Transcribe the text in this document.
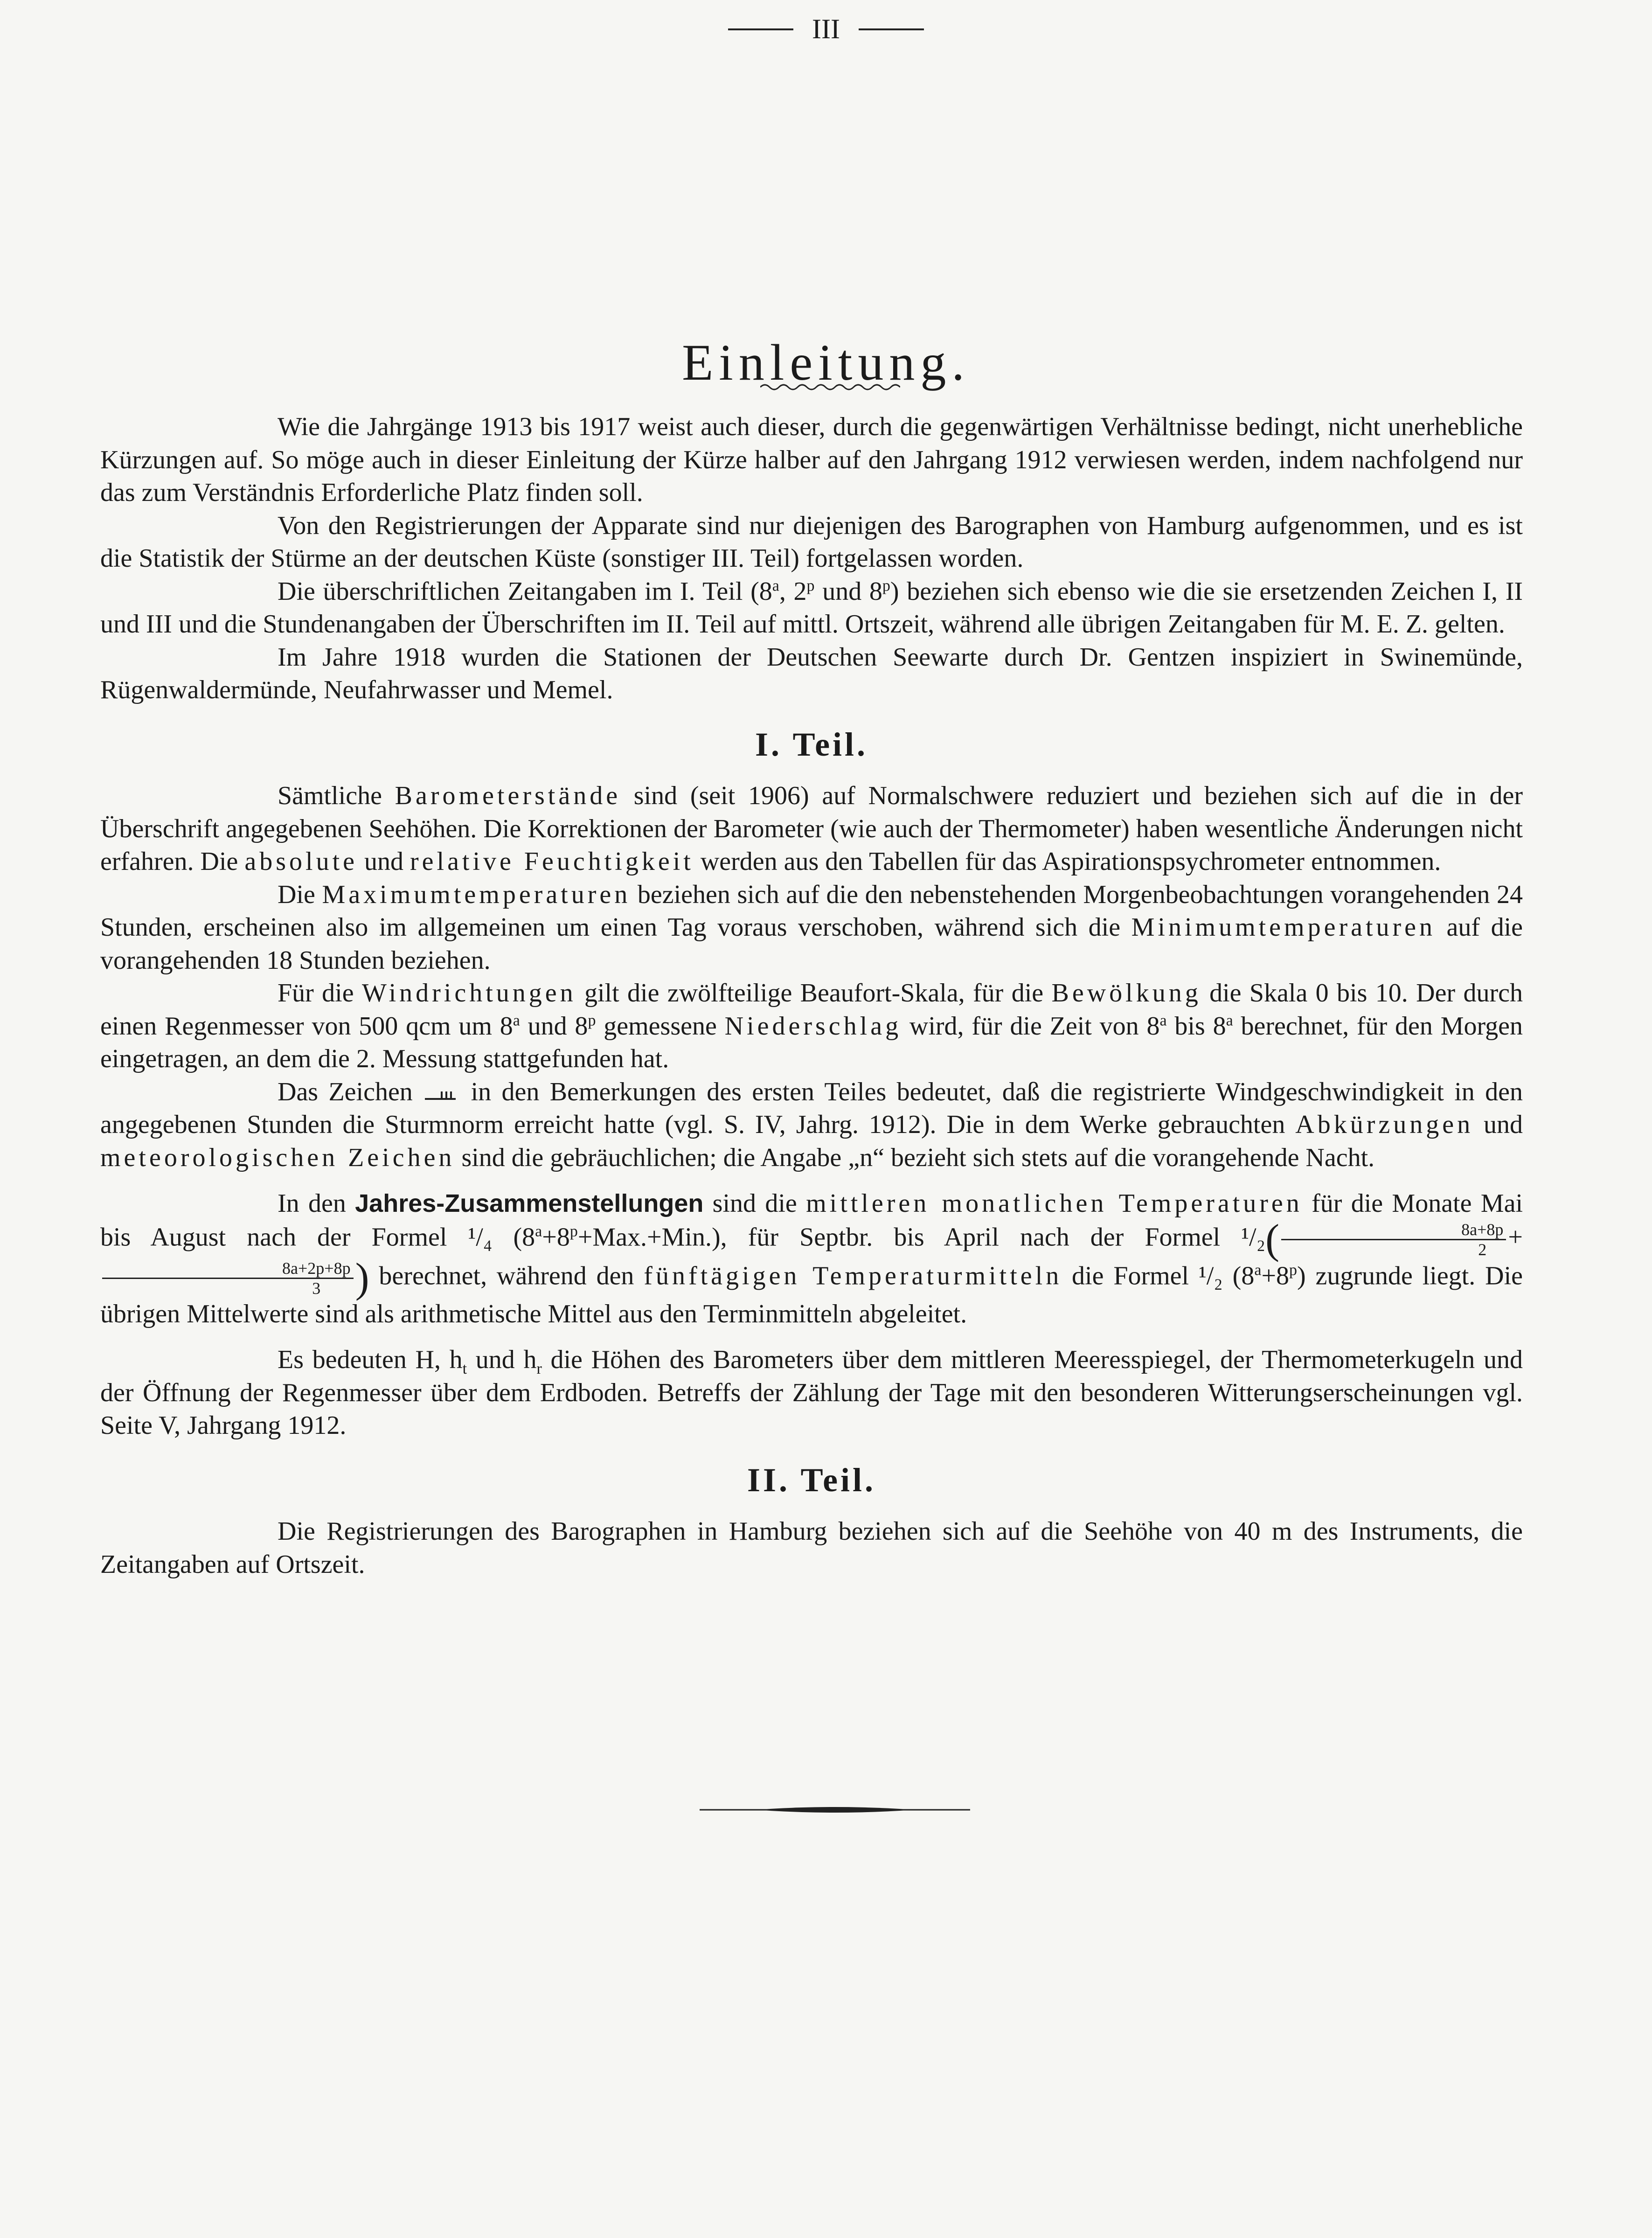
III
Einleitung.

Wie die Jahrgänge 1913 bis 1917 weist auch dieser, durch die gegenwärtigen Verhältnisse bedingt, nicht unerhebliche Kürzungen auf. So möge auch in dieser Einleitung der Kürze halber auf den Jahrgang 1912 verwiesen werden, indem nachfolgend nur das zum Verständnis Erforderliche Platz finden soll.

Von den Registrierungen der Apparate sind nur diejenigen des Barographen von Hamburg aufgenommen, und es ist die Statistik der Stürme an der deutschen Küste (sonstiger III. Teil) fortgelassen worden.

Die überschriftlichen Zeitangaben im I. Teil (8$^a$, 2$^p$ und 8$^p$) beziehen sich ebenso wie die sie ersetzenden Zeichen I, II und III und die Stundenangaben der Überschriften im II. Teil auf mittl. Ortszeit, während alle übrigen Zeitangaben für M. E. Z. gelten.

Im Jahre 1918 wurden die Stationen der Deutschen Seewarte durch Dr. Gentzen inspiziert in Swinemünde, Rügenwaldermünde, Neufahrwasser und Memel.

I. Teil.

Sämtliche Barometerstände sind (seit 1906) auf Normalschwere reduziert und beziehen sich auf die in der Überschrift angegebenen Seehöhen. Die Korrektionen der Barometer (wie auch der Thermometer) haben wesentliche Änderungen nicht erfahren. Die absolute und relative Feuchtigkeit werden aus den Tabellen für das Aspirationspsychrometer entnommen.

Die Maximumtemperaturen beziehen sich auf die den nebenstehenden Morgenbeobachtungen vorangehenden 24 Stunden, erscheinen also im allgemeinen um einen Tag voraus verschoben, während sich die Minimumtemperaturen auf die vorangehenden 18 Stunden beziehen.

Für die Windrichtungen gilt die zwölfteilige Beaufort-Skala, für die Bewölkung die Skala 0 bis 10. Der durch einen Regenmesser von 500 qcm um 8$^a$ und 8$^p$ gemessene Niederschlag wird, für die Zeit von 8$^a$ bis 8$^a$ berechnet, für den Morgen eingetragen, an dem die 2. Messung stattgefunden hat.

Das Zeichen  in den Bemerkungen des ersten Teiles bedeutet, daß die registrierte Windgeschwindigkeit in den angegebenen Stunden die Sturmnorm erreicht hatte (vgl. S. IV, Jahrg. 1912). Die in dem Werke gebrauchten Abkürzungen und meteorologischen Zeichen sind die gebräuchlichen; die Angabe „n“ bezieht sich stets auf die vorangehende Nacht.

In den Jahres-Zusammenstellungen sind die mittleren monatlichen Temperaturen für die Monate Mai bis August nach der Formel ¹/₄ $(8^a+8^p+Max.+Min.)$, für Septbr. bis April nach der Formel $^1/_2( \frac{8a+8p}{2}$ +
$\frac{8a+2p+8p}{3}$ ) berechnet, während den fünftägigen Temperaturmitteln die Formel ¹/₂ $(8^a+8^p)$ zugrunde liegt. Die übrigen Mittelwerte sind als arithmetische Mittel aus den Terminmitteln abgeleitet.

Es bedeuten H, $h_t$ und $h_r$ die Höhen des Barometers über dem mittleren Meeresspiegel, der Thermometerkugeln und der Öffnung der Regenmesser über dem Erdboden. Betreffs der Zählung der Tage mit den besonderen Witterungserscheinungen vgl. Seite V, Jahrgang 1912.

II. Teil.

Die Registrierungen des Barographen in Hamburg beziehen sich auf die Seehöhe von 40 m des Instruments, die Zeitangaben auf Ortszeit.
